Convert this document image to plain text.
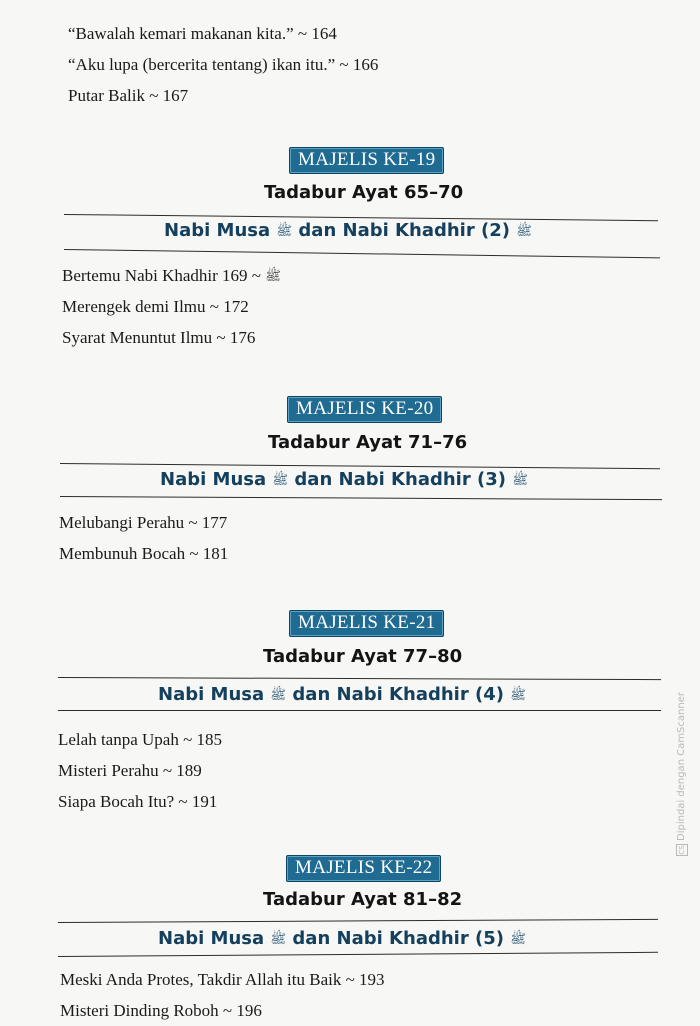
“Bawalah kemari makanan kita.” ~ 164
“Aku lupa (bercerita tentang) ikan itu.” ~ 166
Putar Balik ~ 167
MAJELIS KE-19
Tadabur Ayat 65–70
Nabi Musa ﷺ dan Nabi Khadhir	ﷺ (2)
Bertemu Nabi Khadhir	ﷺ ~ 169
Merengek demi Ilmu ~ 172
Syarat Menuntut Ilmu ~ 176
MAJELIS KE-20
Tadabur Ayat 71–76
Nabi Musa ﷺ dan Nabi Khadhir	ﷺ (3)
Melubangi Perahu ~ 177
Membunuh Bocah ~ 181
MAJELIS KE-21
Tadabur Ayat 77–80
Nabi Musa ﷺ dan Nabi Khadhir	ﷺ (4)
Lelah tanpa Upah ~ 185
Misteri Perahu ~ 189
Siapa Bocah Itu? ~ 191
MAJELIS KE-22
Tadabur Ayat 81–82
Nabi Musa ﷺ dan Nabi Khadhir	ﷺ (5)
Meski Anda Protes, Takdir Allah itu Baik ~ 193
Misteri Dinding Roboh ~ 196
CSDipindai dengan CamScanner
